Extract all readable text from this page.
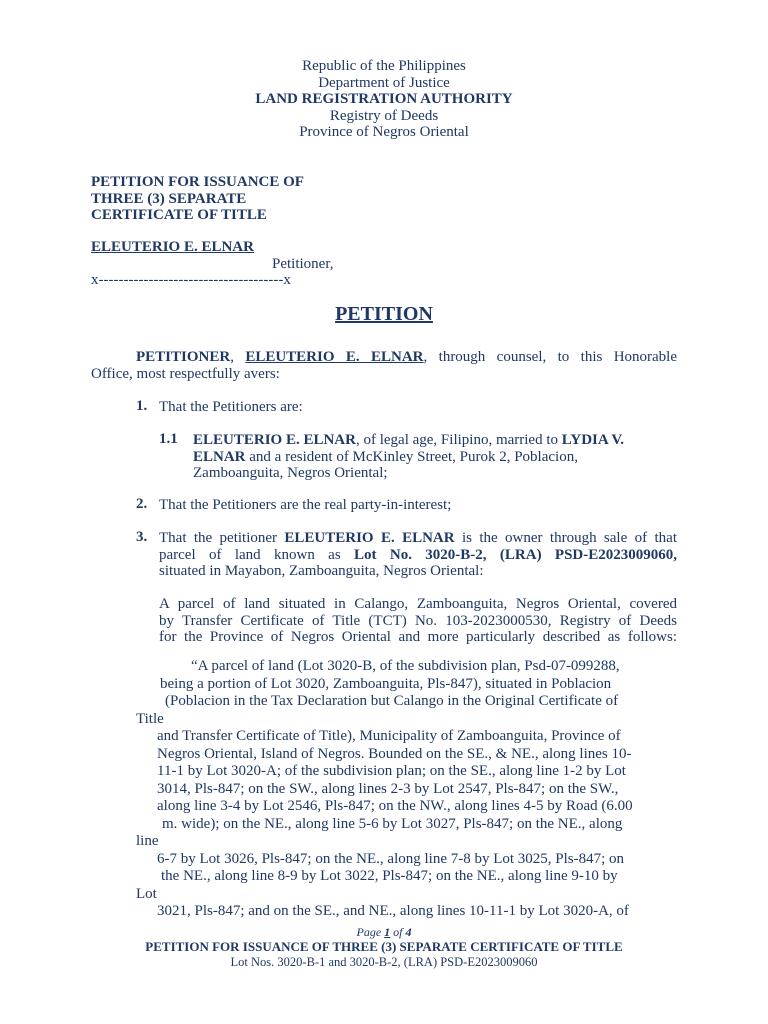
Republic of the Philippines
Department of Justice
LAND REGISTRATION AUTHORITY
Registry of Deeds
Province of Negros Oriental
PETITION FOR ISSUANCE OF
THREE (3) SEPARATE
CERTIFICATE OF TITLE
ELEUTERIO E. ELNAR
Petitioner,
x-------------------------------------x
PETITION
PETITIONER, ELEUTERIO E. ELNAR, through counsel, to this Honorable
Office, most respectfully avers:
1. That the Petitioners are:
1.1 ELEUTERIO E. ELNAR, of legal age, Filipino, married to LYDIA V.
ELNAR and a resident of McKinley Street, Purok 2, Poblacion,
Zamboanguita, Negros Oriental;
2. That the Petitioners are the real party-in-interest;
3. That the petitioner ELEUTERIO E. ELNAR is the owner through sale of that
parcel of land known as Lot No. 3020-B-2, (LRA) PSD-E2023009060,
situated in Mayabon, Zamboanguita, Negros Oriental:
A parcel of land situated in Calango, Zamboanguita, Negros Oriental, covered
by Transfer Certificate of Title (TCT) No. 103-2023000530, Registry of Deeds
for the Province of Negros Oriental and more particularly described as follows:
“A parcel of land (Lot 3020-B, of the subdivision plan, Psd-07-099288,
being a portion of Lot 3020, Zamboanguita, Pls-847), situated in Poblacion
(Poblacion in the Tax Declaration but Calango in the Original Certificate of
Title
and Transfer Certificate of Title), Municipality of Zamboanguita, Province of
Negros Oriental, Island of Negros. Bounded on the SE., & NE., along lines 10-
11-1 by Lot 3020-A; of the subdivision plan; on the SE., along line 1-2 by Lot
3014, Pls-847; on the SW., along lines 2-3 by Lot 2547, Pls-847; on the SW.,
along line 3-4 by Lot 2546, Pls-847; on the NW., along lines 4-5 by Road (6.00
m. wide); on the NE., along line 5-6 by Lot 3027, Pls-847; on the NE., along
line
6-7 by Lot 3026, Pls-847; on the NE., along line 7-8 by Lot 3025, Pls-847; on
the NE., along line 8-9 by Lot 3022, Pls-847; on the NE., along line 9-10 by
Lot
3021, Pls-847; and on the SE., and NE., along lines 10-11-1 by Lot 3020-A, of
Page 1 of 4
PETITION FOR ISSUANCE OF THREE (3) SEPARATE CERTIFICATE OF TITLE
Lot Nos. 3020-B-1 and 3020-B-2, (LRA) PSD-E2023009060
